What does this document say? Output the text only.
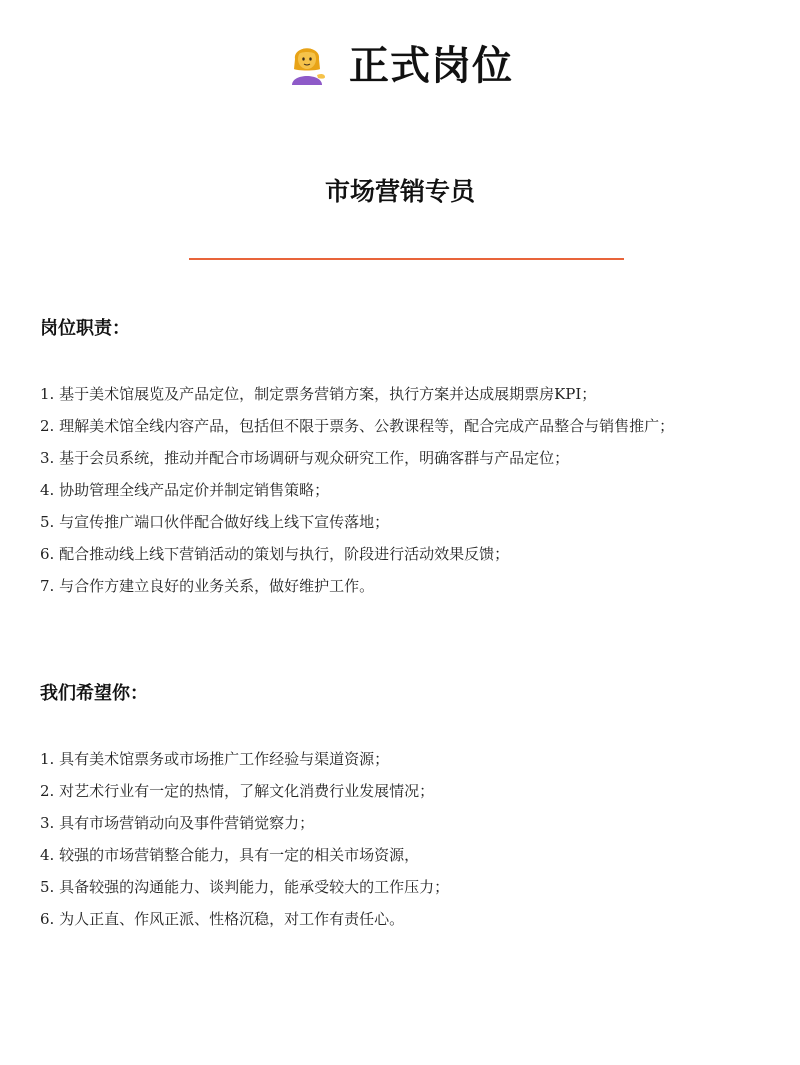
正式岗位
市场营销专员
岗位职责：
1. 基于美术馆展览及产品定位，制定票务营销方案，执行方案并达成展期票房KPI；
2. 理解美术馆全线内容产品，包括但不限于票务、公教课程等，配合完成产品整合与销售推广；
3. 基于会员系统，推动并配合市场调研与观众研究工作，明确客群与产品定位；
4. 协助管理全线产品定价并制定销售策略；
5. 与宣传推广端口伙伴配合做好线上线下宣传落地；
6. 配合推动线上线下营销活动的策划与执行，阶段进行活动效果反馈；
7. 与合作方建立良好的业务关系，做好维护工作。
我们希望你：
1. 具有美术馆票务或市场推广工作经验与渠道资源；
2. 对艺术行业有一定的热情，了解文化消费行业发展情况；
3. 具有市场营销动向及事件营销觉察力；
4. 较强的市场营销整合能力，具有一定的相关市场资源，
5. 具备较强的沟通能力、谈判能力，能承受较大的工作压力；
6. 为人正直、作风正派、性格沉稳，对工作有责任心。
